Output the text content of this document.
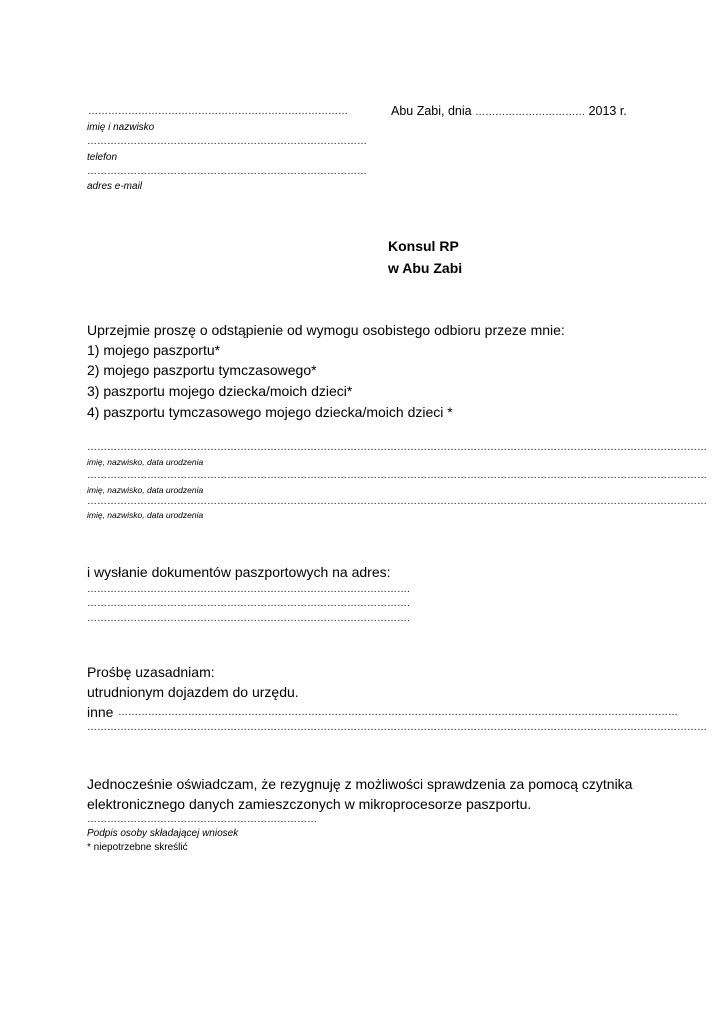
……………………………………………………………………
imię i nazwisko
…………………………………………………………………………
telefon
…………………………………………………………………………
adres e-mail
Abu Zabi, dnia …………………………… 2013 r.
Konsul RP
w Abu Zabi
Uprzejmie proszę o odstąpienie od wymogu osobistego odbioru przeze mnie:
1) mojego paszportu*
2) mojego paszportu tymczasowego*
3) paszportu mojego dziecka/moich dzieci*
4) paszportu tymczasowego mojego dziecka/moich dzieci *
……………………………………………………………………………………………………………………………………………………………………
imię, nazwisko, data urodzenia
……………………………………………………………………………………………………………………………………………………………………
imię, nazwisko, data urodzenia
……………………………………………………………………………………………………………………………………………………………………
imię, nazwisko, data urodzenia
i wysłanie dokumentów paszportowych na adres:
…………………………………………………………………………………….
…………………………………………………………………………………….
…………………………………………………………………………………….
Prośbę uzasadniam:
utrudnionym dojazdem do urzędu.
inne ……………………………………………………………………………………………………………………………………………………
……………………………………………………………………………………………………………………………………………………………………
Jednocześnie oświadczam, że rezygnuję z możliwości sprawdzenia za pomocą czytnika
elektronicznego danych zamieszczonych w mikroprocesorze paszportu.
……………………………………………………………
Podpis osoby składającej wniosek
* niepotrzebne skreślić
